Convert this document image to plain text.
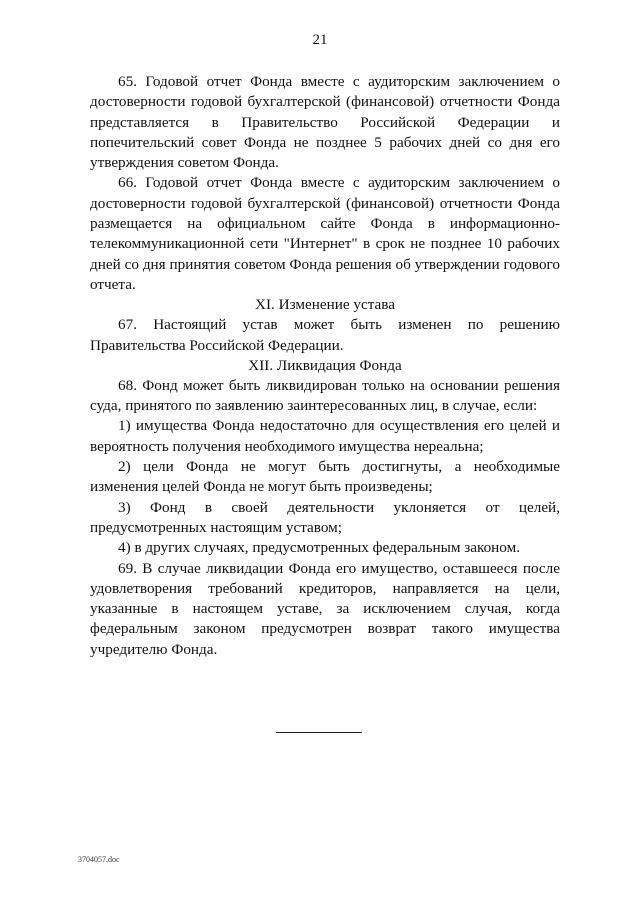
21

65. Годовой отчет Фонда вместе с аудиторским заключением о достоверности годовой бухгалтерской (финансовой) отчетности Фонда представляется в Правительство Российской Федерации и попечительский совет Фонда не позднее 5 рабочих дней со дня его утверждения советом Фонда.

66. Годовой отчет Фонда вместе с аудиторским заключением о достоверности годовой бухгалтерской (финансовой) отчетности Фонда размещается на официальном сайте Фонда в информационно-телекоммуникационной сети "Интернет" в срок не позднее 10 рабочих дней со дня принятия советом Фонда решения об утверждении годового отчета.

XI. Изменение устава

67. Настоящий устав может быть изменен по решению Правительства Российской Федерации.

XII. Ликвидация Фонда

68. Фонд может быть ликвидирован только на основании решения суда, принятого по заявлению заинтересованных лиц, в случае, если:

1) имущества Фонда недостаточно для осуществления его целей и вероятность получения необходимого имущества нереальна;

2) цели Фонда не могут быть достигнуты, а необходимые изменения целей Фонда не могут быть произведены;

3) Фонд в своей деятельности уклоняется от целей, предусмотренных настоящим уставом;

4) в других случаях, предусмотренных федеральным законом.

69. В случае ликвидации Фонда его имущество, оставшееся после удовлетворения требований кредиторов, направляется на цели, указанные в настоящем уставе, за исключением случая, когда федеральным законом предусмотрен возврат такого имущества учредителю Фонда.

3704057.doc
